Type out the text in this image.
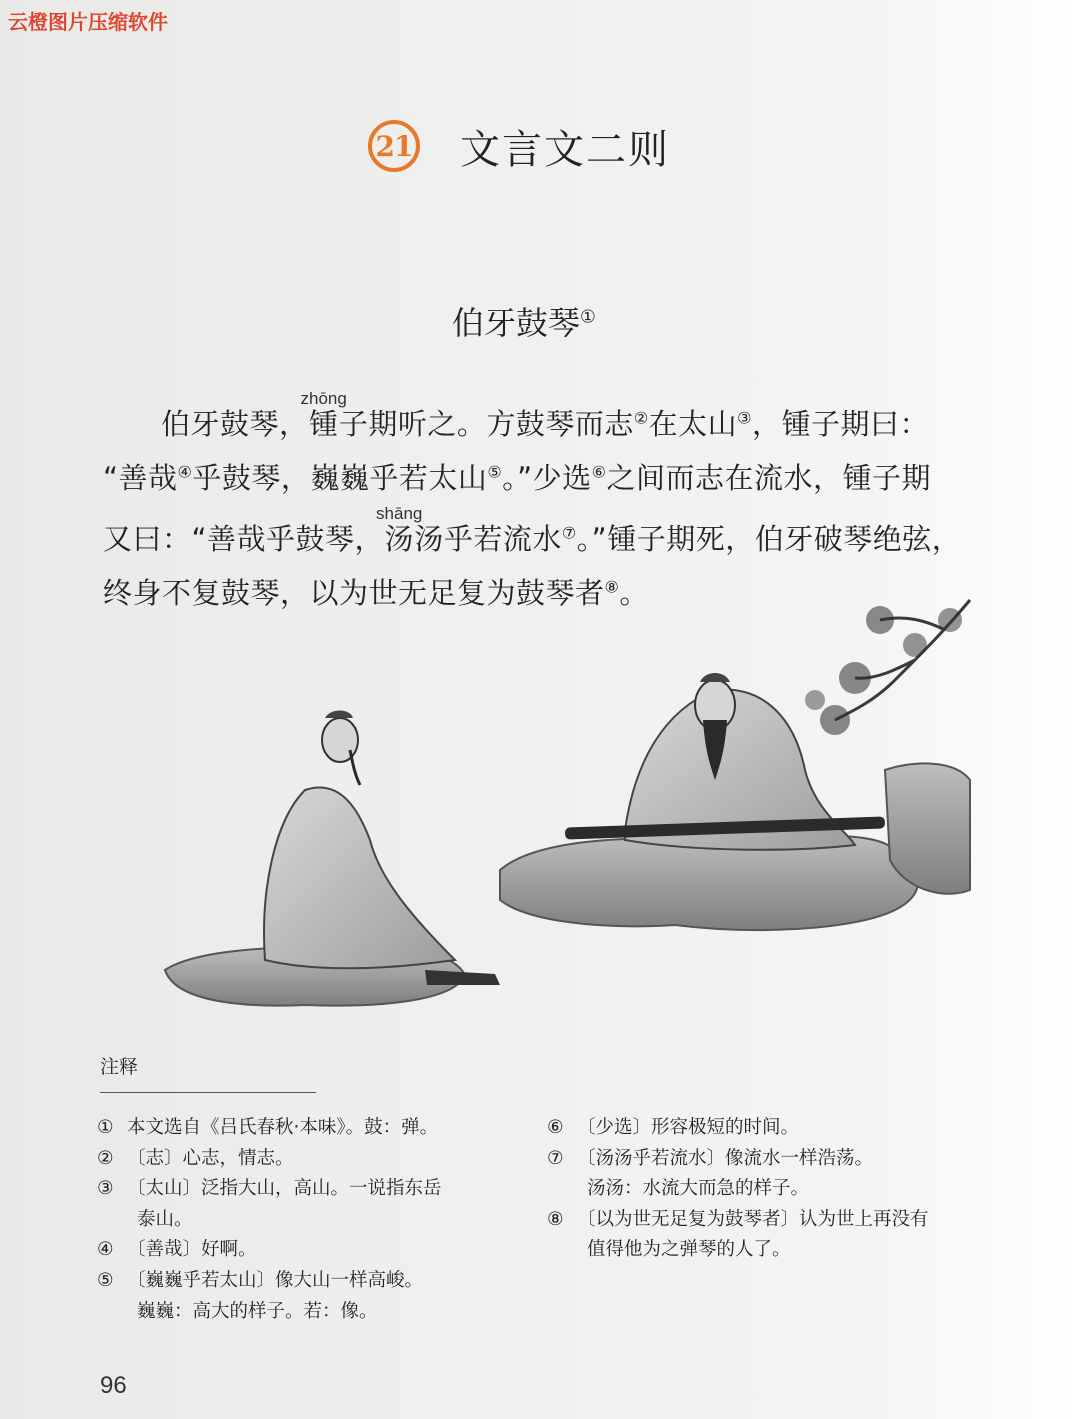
云橙图片压缩软件
21 文言文二则
伯牙鼓琴①

伯牙鼓琴，锺zhōng子期听之。方鼓琴而志②在太山③，锺子期曰：

“善哉④乎鼓琴，巍巍乎若太山⑤。”少选⑥之间而志在流水，锺子期

又曰：“善哉乎鼓琴，汤shāng汤乎若流水⑦。”锺子期死，伯牙破琴绝弦，

终身不复鼓琴，以为世无足复为鼓琴者⑧。

注释
① 本文选自《吕氏春秋·本味》。鼓：弹。
② 〔志〕心志，情志。
③ 〔太山〕泛指大山，高山。一说指东岳
泰山。
④ 〔善哉〕好啊。
⑤ 〔巍巍乎若太山〕像大山一样高峻。
巍巍：高大的样子。若：像。
⑥ 〔少选〕形容极短的时间。
⑦ 〔汤汤乎若流水〕像流水一样浩荡。
汤汤：水流大而急的样子。
⑧ 〔以为世无足复为鼓琴者〕认为世上再没有
值得他为之弹琴的人了。
96
